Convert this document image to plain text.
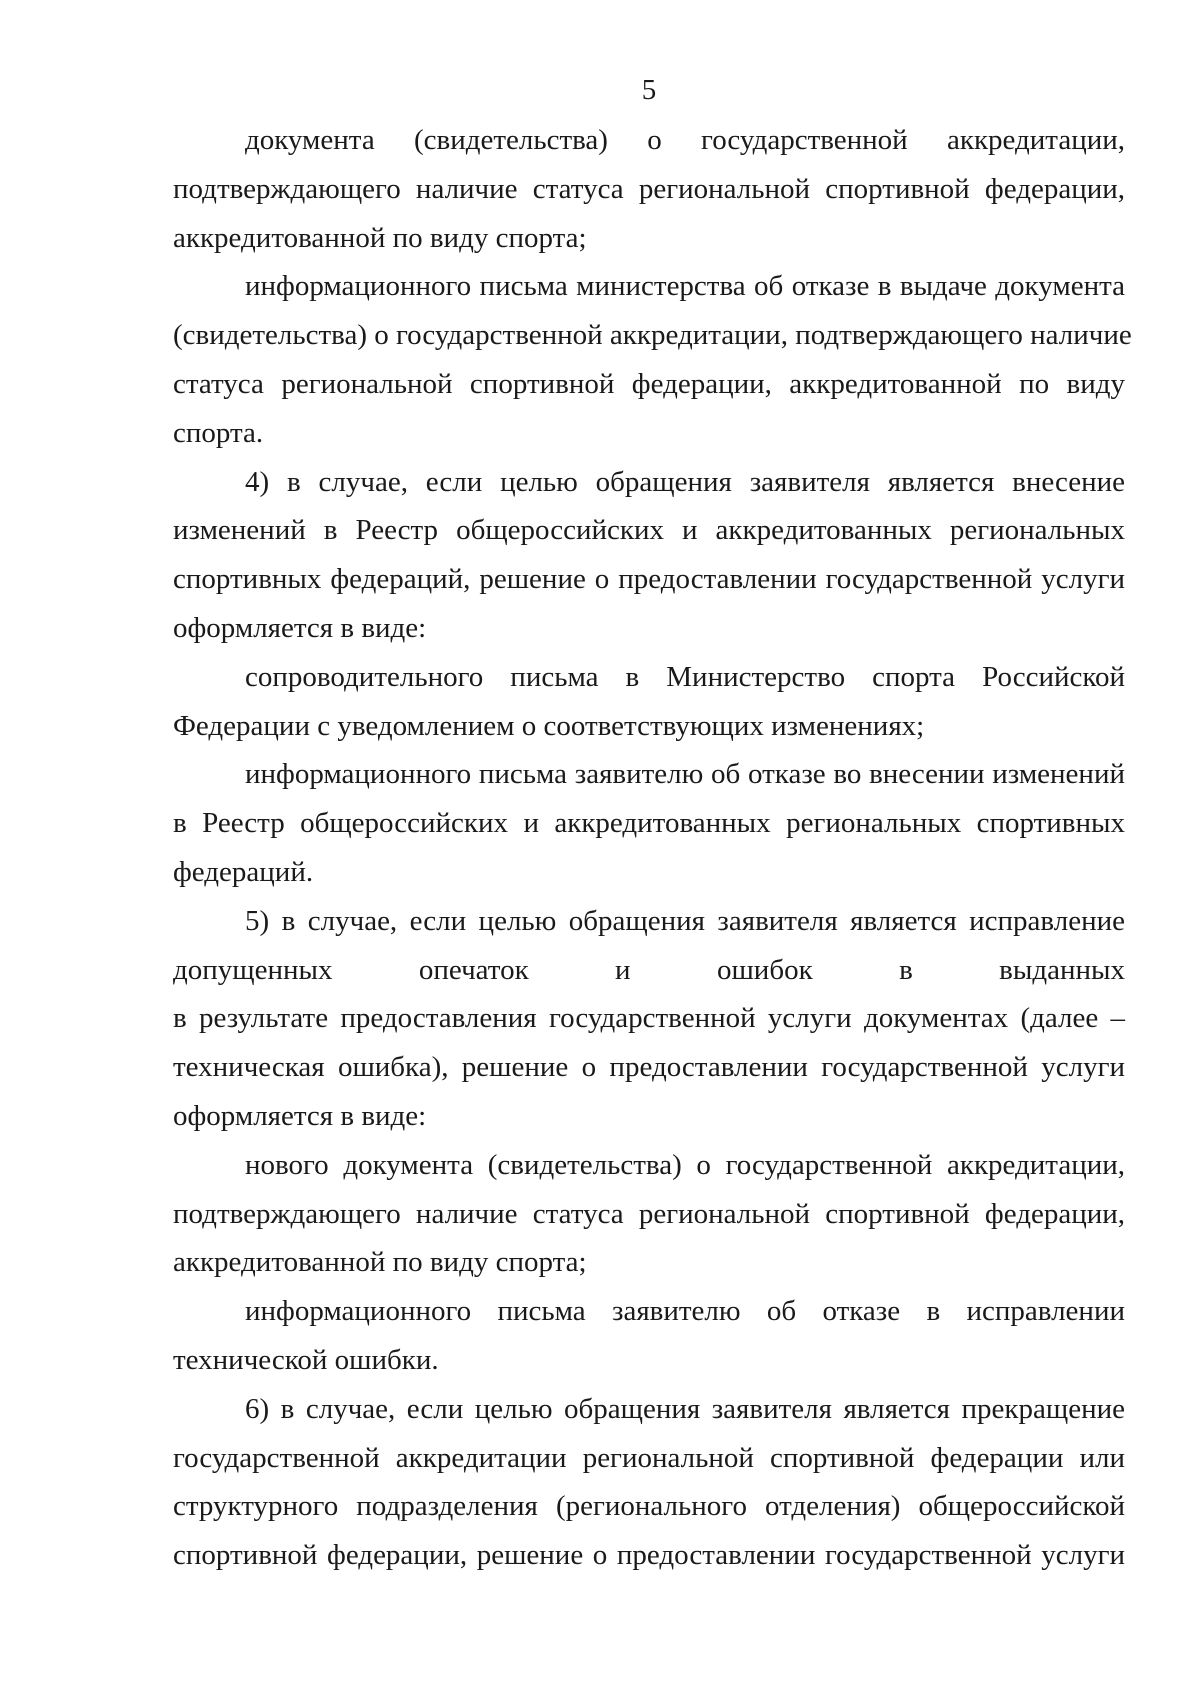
5
документа (свидетельства) о государственной аккредитации,
подтверждающего наличие статуса региональной спортивной федерации,
аккредитованной по виду спорта;
информационного письма министерства об отказе в выдаче документа
(свидетельства) о государственной аккредитации, подтверждающего наличие
статуса региональной спортивной федерации, аккредитованной по виду
спорта.
4) в случае, если целью обращения заявителя является внесение
изменений в Реестр общероссийских и аккредитованных региональных
спортивных федераций, решение о предоставлении государственной услуги
оформляется в виде:
сопроводительного письма в Министерство спорта Российской
Федерации с уведомлением о соответствующих изменениях;
информационного письма заявителю об отказе во внесении изменений
в Реестр общероссийских и аккредитованных региональных спортивных
федераций.
5) в случае, если целью обращения заявителя является исправление
допущенных опечаток и ошибок в выданных
в результате предоставления государственной услуги документах (далее –
техническая ошибка), решение о предоставлении государственной услуги
оформляется в виде:
нового документа (свидетельства) о государственной аккредитации,
подтверждающего наличие статуса региональной спортивной федерации,
аккредитованной по виду спорта;
информационного письма заявителю об отказе в исправлении
технической ошибки.
6) в случае, если целью обращения заявителя является прекращение
государственной аккредитации региональной спортивной федерации или
структурного подразделения (регионального отделения) общероссийской
спортивной федерации, решение о предоставлении государственной услуги
